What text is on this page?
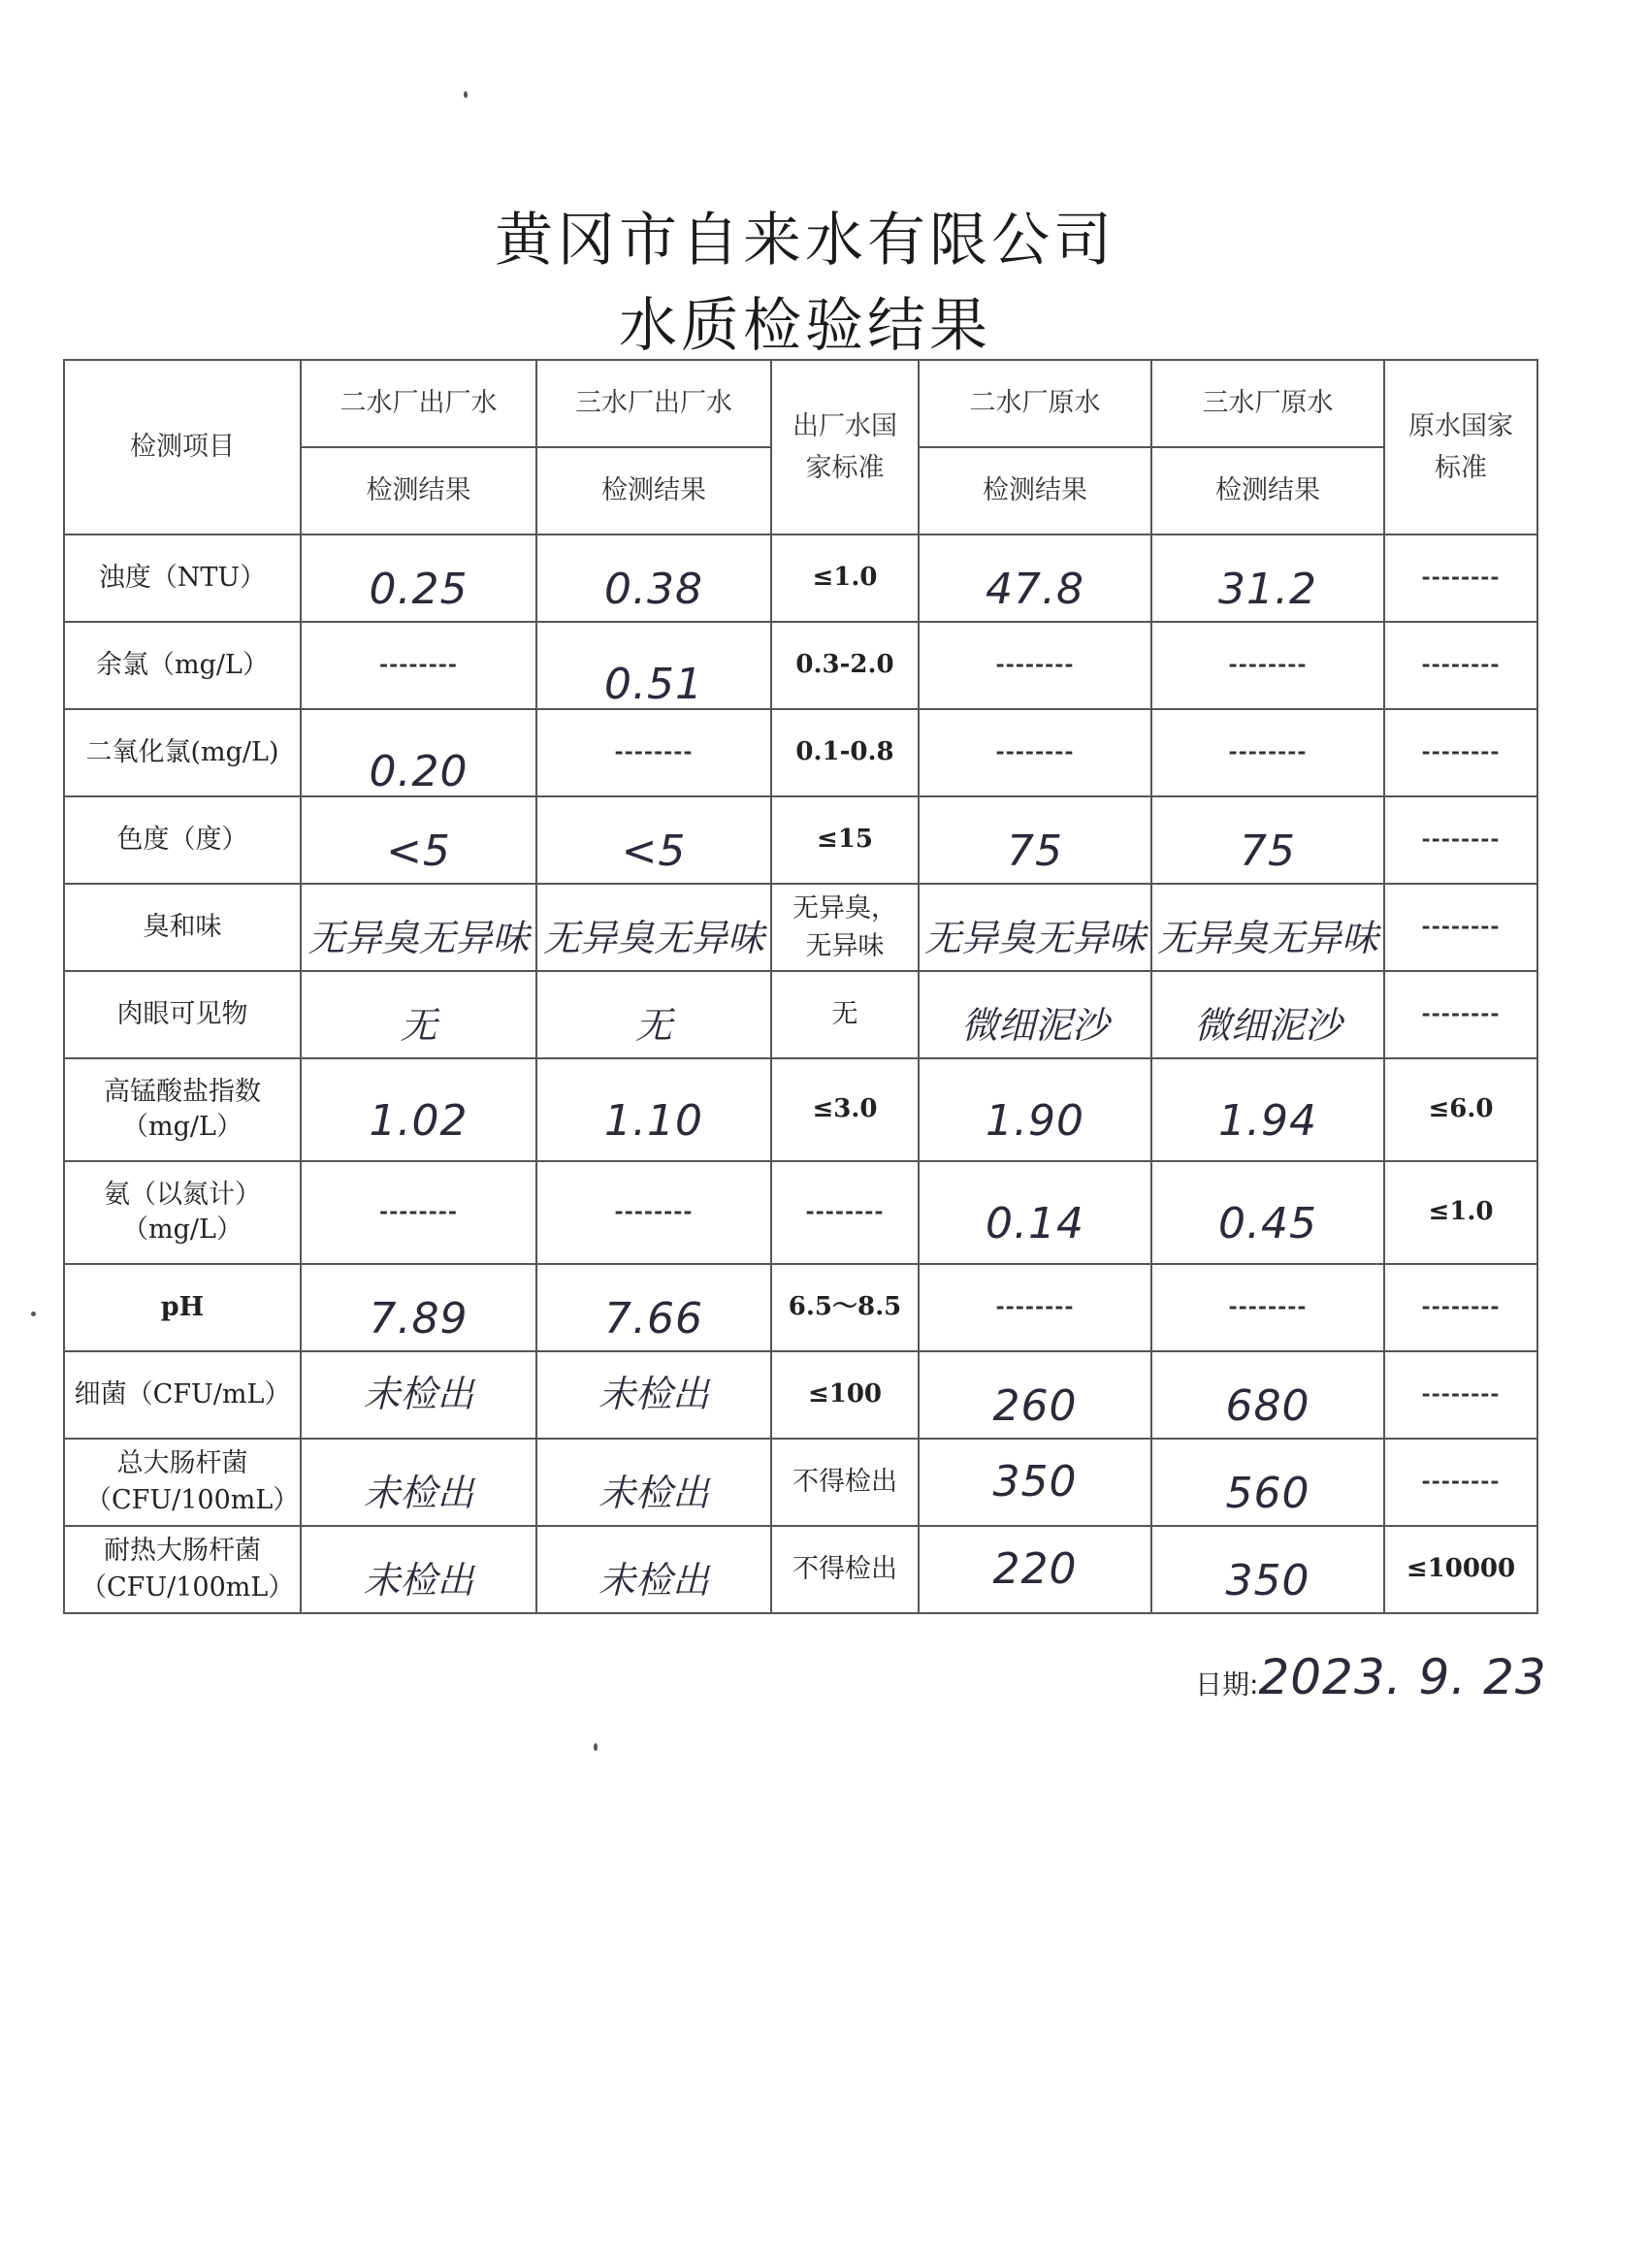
黄冈市自来水有限公司
水质检验结果
检测项目	二水厂出厂水	三水厂出厂水	出厂水国家标准	二水厂原水	三水厂原水	原水国家标准

	检测结果	检测结果		检测结果	检测结果	
浊度（NTU）	0.25	0.38	≤1.0	47.8	31.2	--------
余氯（mg/L）	--------	0.51	0.3-2.0	--------	--------	--------
二氧化氯(mg/L)	0.20	--------	0.1-0.8	--------	--------	--------
色度（度）	<5	<5	≤15	75	75	--------
臭和味	无异臭无异味	无异臭无异味	无异臭，无异味	无异臭无异味	无异臭无异味	--------
肉眼可见物	无	无	无	微细泥沙	微细泥沙	--------

高锰酸盐指数（mg/L）	1.02	1.10	≤3.0	1.90	1.94	≤6.0

氨（以氮计）（mg/L）	--------	--------	--------	0.14	0.45	≤1.0
pH	7.89	7.66	6.5～8.5	--------	--------	--------
细菌（CFU/mL）	未检出	未检出	≤100	260	680	--------

总大肠杆菌（CFU/100mL）	未检出	未检出	不得检出	350	560	--------

耐热大肠杆菌（CFU/100mL）	未检出	未检出	不得检出	220	350	≤10000
日期:2023. 9. 23
